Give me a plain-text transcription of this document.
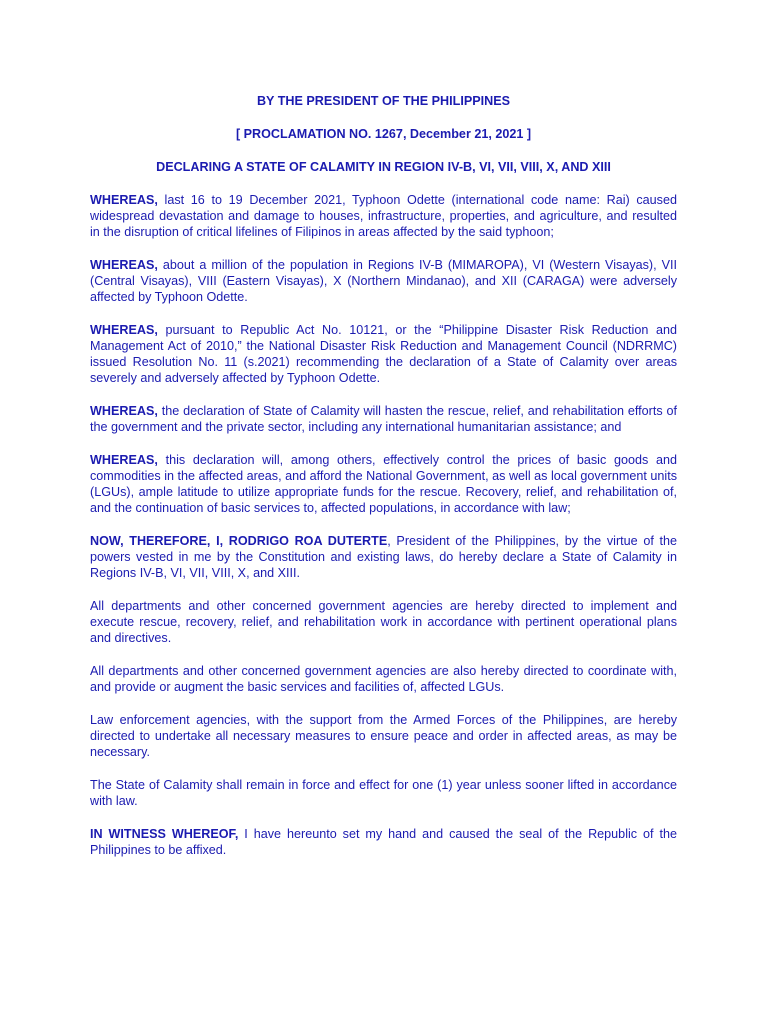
BY THE PRESIDENT OF THE PHILIPPINES

[ PROCLAMATION NO. 1267, December 21, 2021 ]

DECLARING A STATE OF CALAMITY IN REGION IV-B, VI, VII, VIII, X, AND XIII

WHEREAS, last 16 to 19 December 2021, Typhoon Odette (international code name: Rai) caused widespread devastation and damage to houses, infrastructure, properties, and agriculture, and resulted in the disruption of critical lifelines of Filipinos in areas affected by the said typhoon;

WHEREAS, about a million of the population in Regions IV-B (MIMAROPA), VI (Western Visayas), VII (Central Visayas), VIII (Eastern Visayas), X (Northern Mindanao), and XII (CARAGA) were adversely affected by Typhoon Odette.

WHEREAS, pursuant to Republic Act No. 10121, or the “Philippine Disaster Risk Reduction and Management Act of 2010,” the National Disaster Risk Reduction and Management Council (NDRRMC) issued Resolution No. 11 (s.2021) recommending the declaration of a State of Calamity over areas severely and adversely affected by Typhoon Odette.

WHEREAS, the declaration of State of Calamity will hasten the rescue, relief, and rehabilitation efforts of the government and the private sector, including any international humanitarian assistance; and

WHEREAS, this declaration will, among others, effectively control the prices of basic goods and commodities in the affected areas, and afford the National Government, as well as local government units (LGUs), ample latitude to utilize appropriate funds for the rescue. Recovery, relief, and rehabilitation of, and the continuation of basic services to, affected populations, in accordance with law;

NOW, THEREFORE, I, RODRIGO ROA DUTERTE, President of the Philippines, by the virtue of the powers vested in me by the Constitution and existing laws, do hereby declare a State of Calamity in Regions IV-B, VI, VII, VIII, X, and XIII.

All departments and other concerned government agencies are hereby directed to implement and execute rescue, recovery, relief, and rehabilitation work in accordance with pertinent operational plans and directives.

All departments and other concerned government agencies are also hereby directed to coordinate with, and provide or augment the basic services and facilities of, affected LGUs.

Law enforcement agencies, with the support from the Armed Forces of the Philippines, are hereby directed to undertake all necessary measures to ensure peace and order in affected areas, as may be necessary.

The State of Calamity shall remain in force and effect for one (1) year unless sooner lifted in accordance with law.

IN WITNESS WHEREOF, I have hereunto set my hand and caused the seal of the Republic of the Philippines to be affixed.
